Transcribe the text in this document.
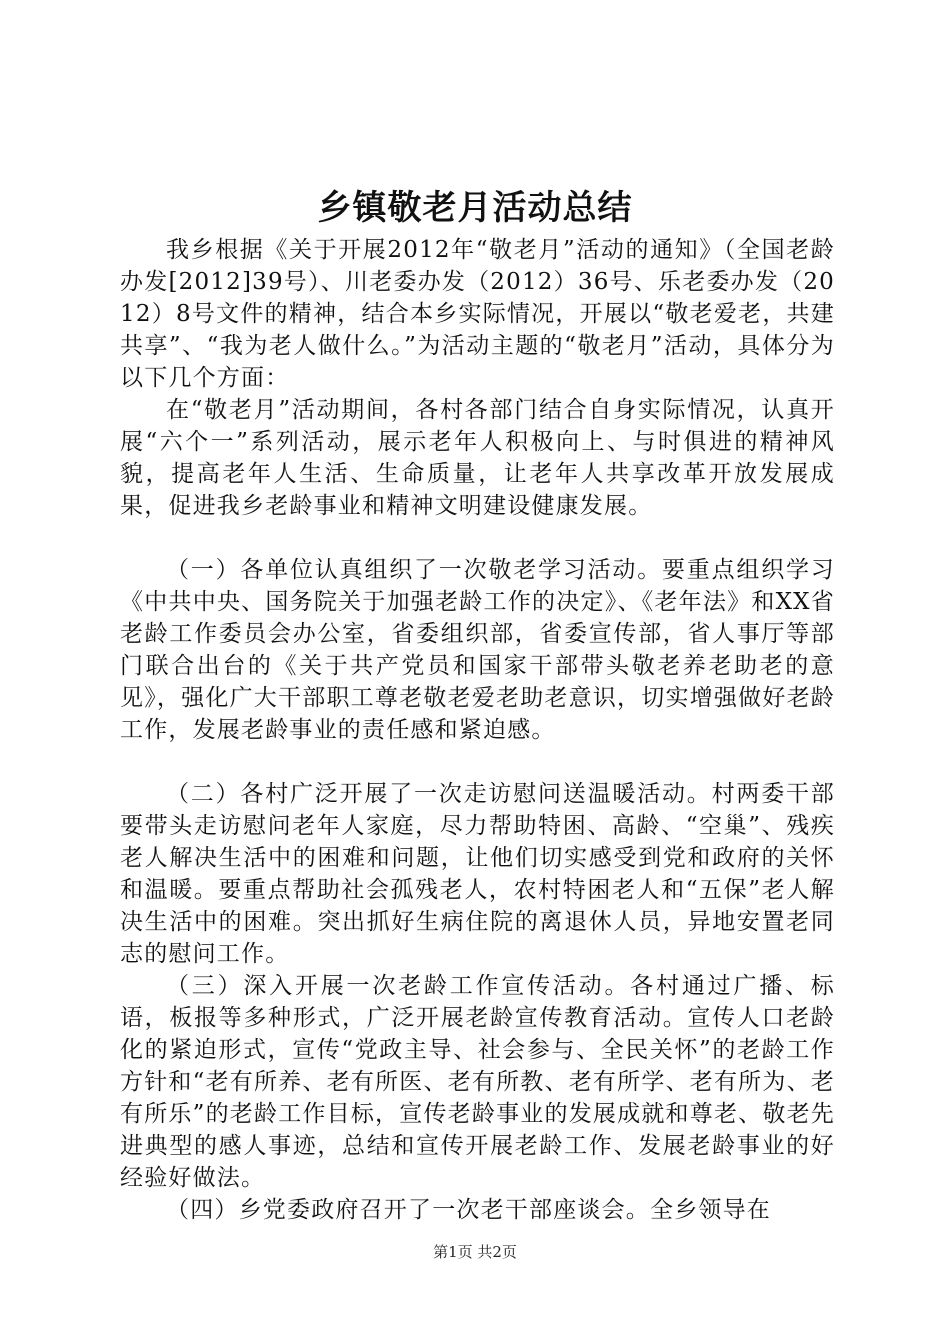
乡镇敬老月活动总结

我乡根据《关于开展2012年“敬老月”活动的通知》（全国老龄办发[2012]39号）、川老委办发（2012）36号、乐老委办发（2012）8号文件的精神，结合本乡实际情况，开展以“敬老爱老，共建共享”、“我为老人做什么。”为活动主题的“敬老月”活动，具体分为以下几个方面：

在“敬老月”活动期间，各村各部门结合自身实际情况，认真开展“六个一”系列活动，展示老年人积极向上、与时俱进的精神风貌，提高老年人生活、生命质量，让老年人共享改革开放发展成果，促进我乡老龄事业和精神文明建设健康发展。

（一）各单位认真组织了一次敬老学习活动。要重点组织学习《中共中央、国务院关于加强老龄工作的决定》、《老年法》和XX省老龄工作委员会办公室，省委组织部，省委宣传部，省人事厅等部门联合出台的《关于共产党员和国家干部带头敬老养老助老的意见》，强化广大干部职工尊老敬老爱老助老意识，切实增强做好老龄工作，发展老龄事业的责任感和紧迫感。

（二）各村广泛开展了一次走访慰问送温暖活动。村两委干部要带头走访慰问老年人家庭，尽力帮助特困、高龄、“空巢”、残疾老人解决生活中的困难和问题，让他们切实感受到党和政府的关怀和温暖。要重点帮助社会孤残老人，农村特困老人和“五保”老人解决生活中的困难。突出抓好生病住院的离退休人员，异地安置老同志的慰问工作。

（三）深入开展一次老龄工作宣传活动。各村通过广播、标语，板报等多种形式，广泛开展老龄宣传教育活动。宣传人口老龄化的紧迫形式，宣传“党政主导、社会参与、全民关怀”的老龄工作方针和“老有所养、老有所医、老有所教、老有所学、老有所为、老有所乐”的老龄工作目标，宣传老龄事业的发展成就和尊老、敬老先进典型的感人事迹，总结和宣传开展老龄工作、发展老龄事业的好经验好做法。

（四）乡党委政府召开了一次老干部座谈会。全乡领导在

第1页 共2页
